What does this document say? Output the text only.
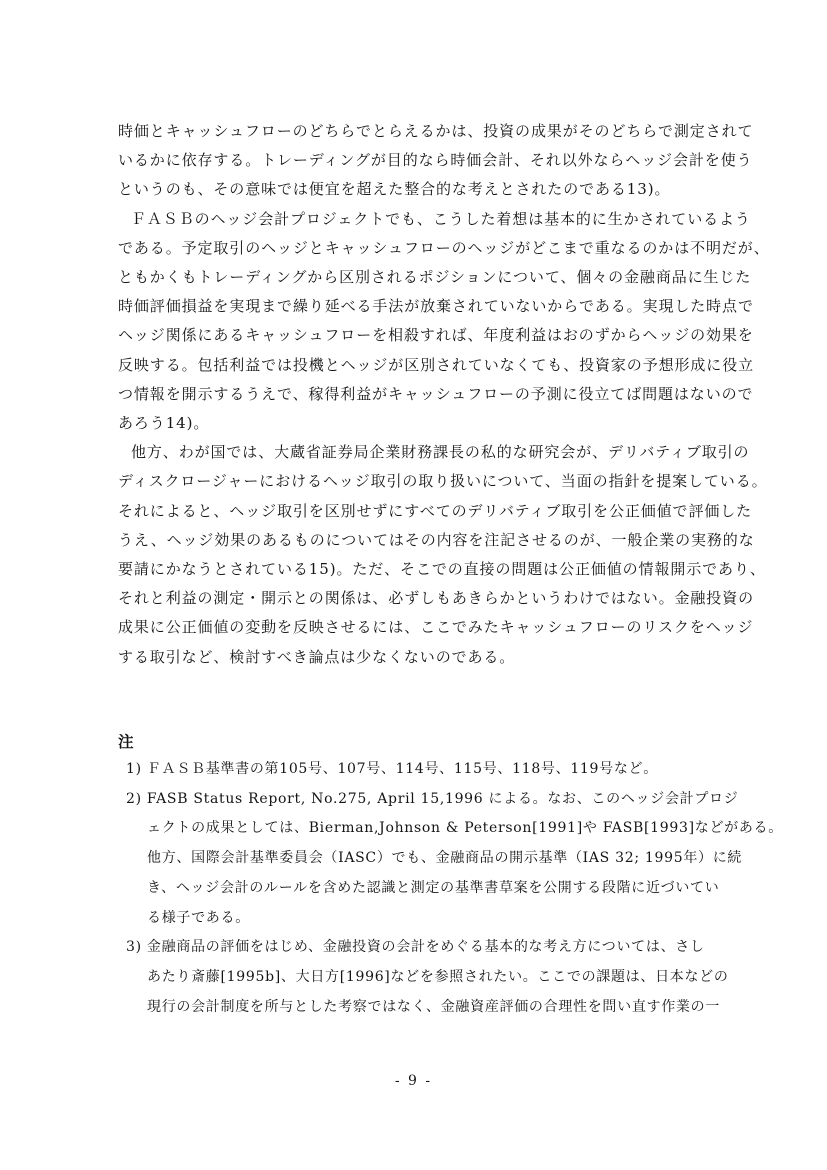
時価とキャッシュフローのどちらでとらえるかは、投資の成果がそのどちらで測定されて
いるかに依存する。トレーディングが目的なら時価会計、それ以外ならヘッジ会計を使う
というのも、その意味では便宜を超えた整合的な考えとされたのである13)。
ＦＡＳＢのヘッジ会計プロジェクトでも、こうした着想は基本的に生かされているよう
である。予定取引のヘッジとキャッシュフローのヘッジがどこまで重なるのかは不明だが、
ともかくもトレーディングから区別されるポジションについて、個々の金融商品に生じた
時価評価損益を実現まで繰り延べる手法が放棄されていないからである。実現した時点で
ヘッジ関係にあるキャッシュフローを相殺すれば、年度利益はおのずからヘッジの効果を
反映する。包括利益では投機とヘッジが区別されていなくても、投資家の予想形成に役立
つ情報を開示するうえで、稼得利益がキャッシュフローの予測に役立てば問題はないので
あろう14)。
他方、わが国では、大蔵省証券局企業財務課長の私的な研究会が、デリバティブ取引の
ディスクロージャーにおけるヘッジ取引の取り扱いについて、当面の指針を提案している。
それによると、ヘッジ取引を区別せずにすべてのデリバティブ取引を公正価値で評価した
うえ、ヘッジ効果のあるものについてはその内容を注記させるのが、一般企業の実務的な
要請にかなうとされている15)。ただ、そこでの直接の問題は公正価値の情報開示であり、
それと利益の測定・開示との関係は、必ずしもあきらかというわけではない。金融投資の
成果に公正価値の変動を反映させるには、ここでみたキャッシュフローのリスクをヘッジ
する取引など、検討すべき論点は少なくないのである。
注
1) ＦＡＳＢ基準書の第105号、107号、114号、115号、118号、119号など。
2) FASB Status Report, No.275, April 15,1996 による。なお、このヘッジ会計プロジ
ェクトの成果としては、Bierman,Johnson & Peterson[1991]や FASB[1993]などがある。
他方、国際会計基準委員会（IASC）でも、金融商品の開示基準（IAS 32; 1995年）に続
き、ヘッジ会計のルールを含めた認識と測定の基準書草案を公開する段階に近づいてい
る様子である。
3) 金融商品の評価をはじめ、金融投資の会計をめぐる基本的な考え方については、さし
あたり斎藤[1995b]、大日方[1996]などを参照されたい。ここでの課題は、日本などの
現行の会計制度を所与とした考察ではなく、金融資産評価の合理性を問い直す作業の一
- 9 -
